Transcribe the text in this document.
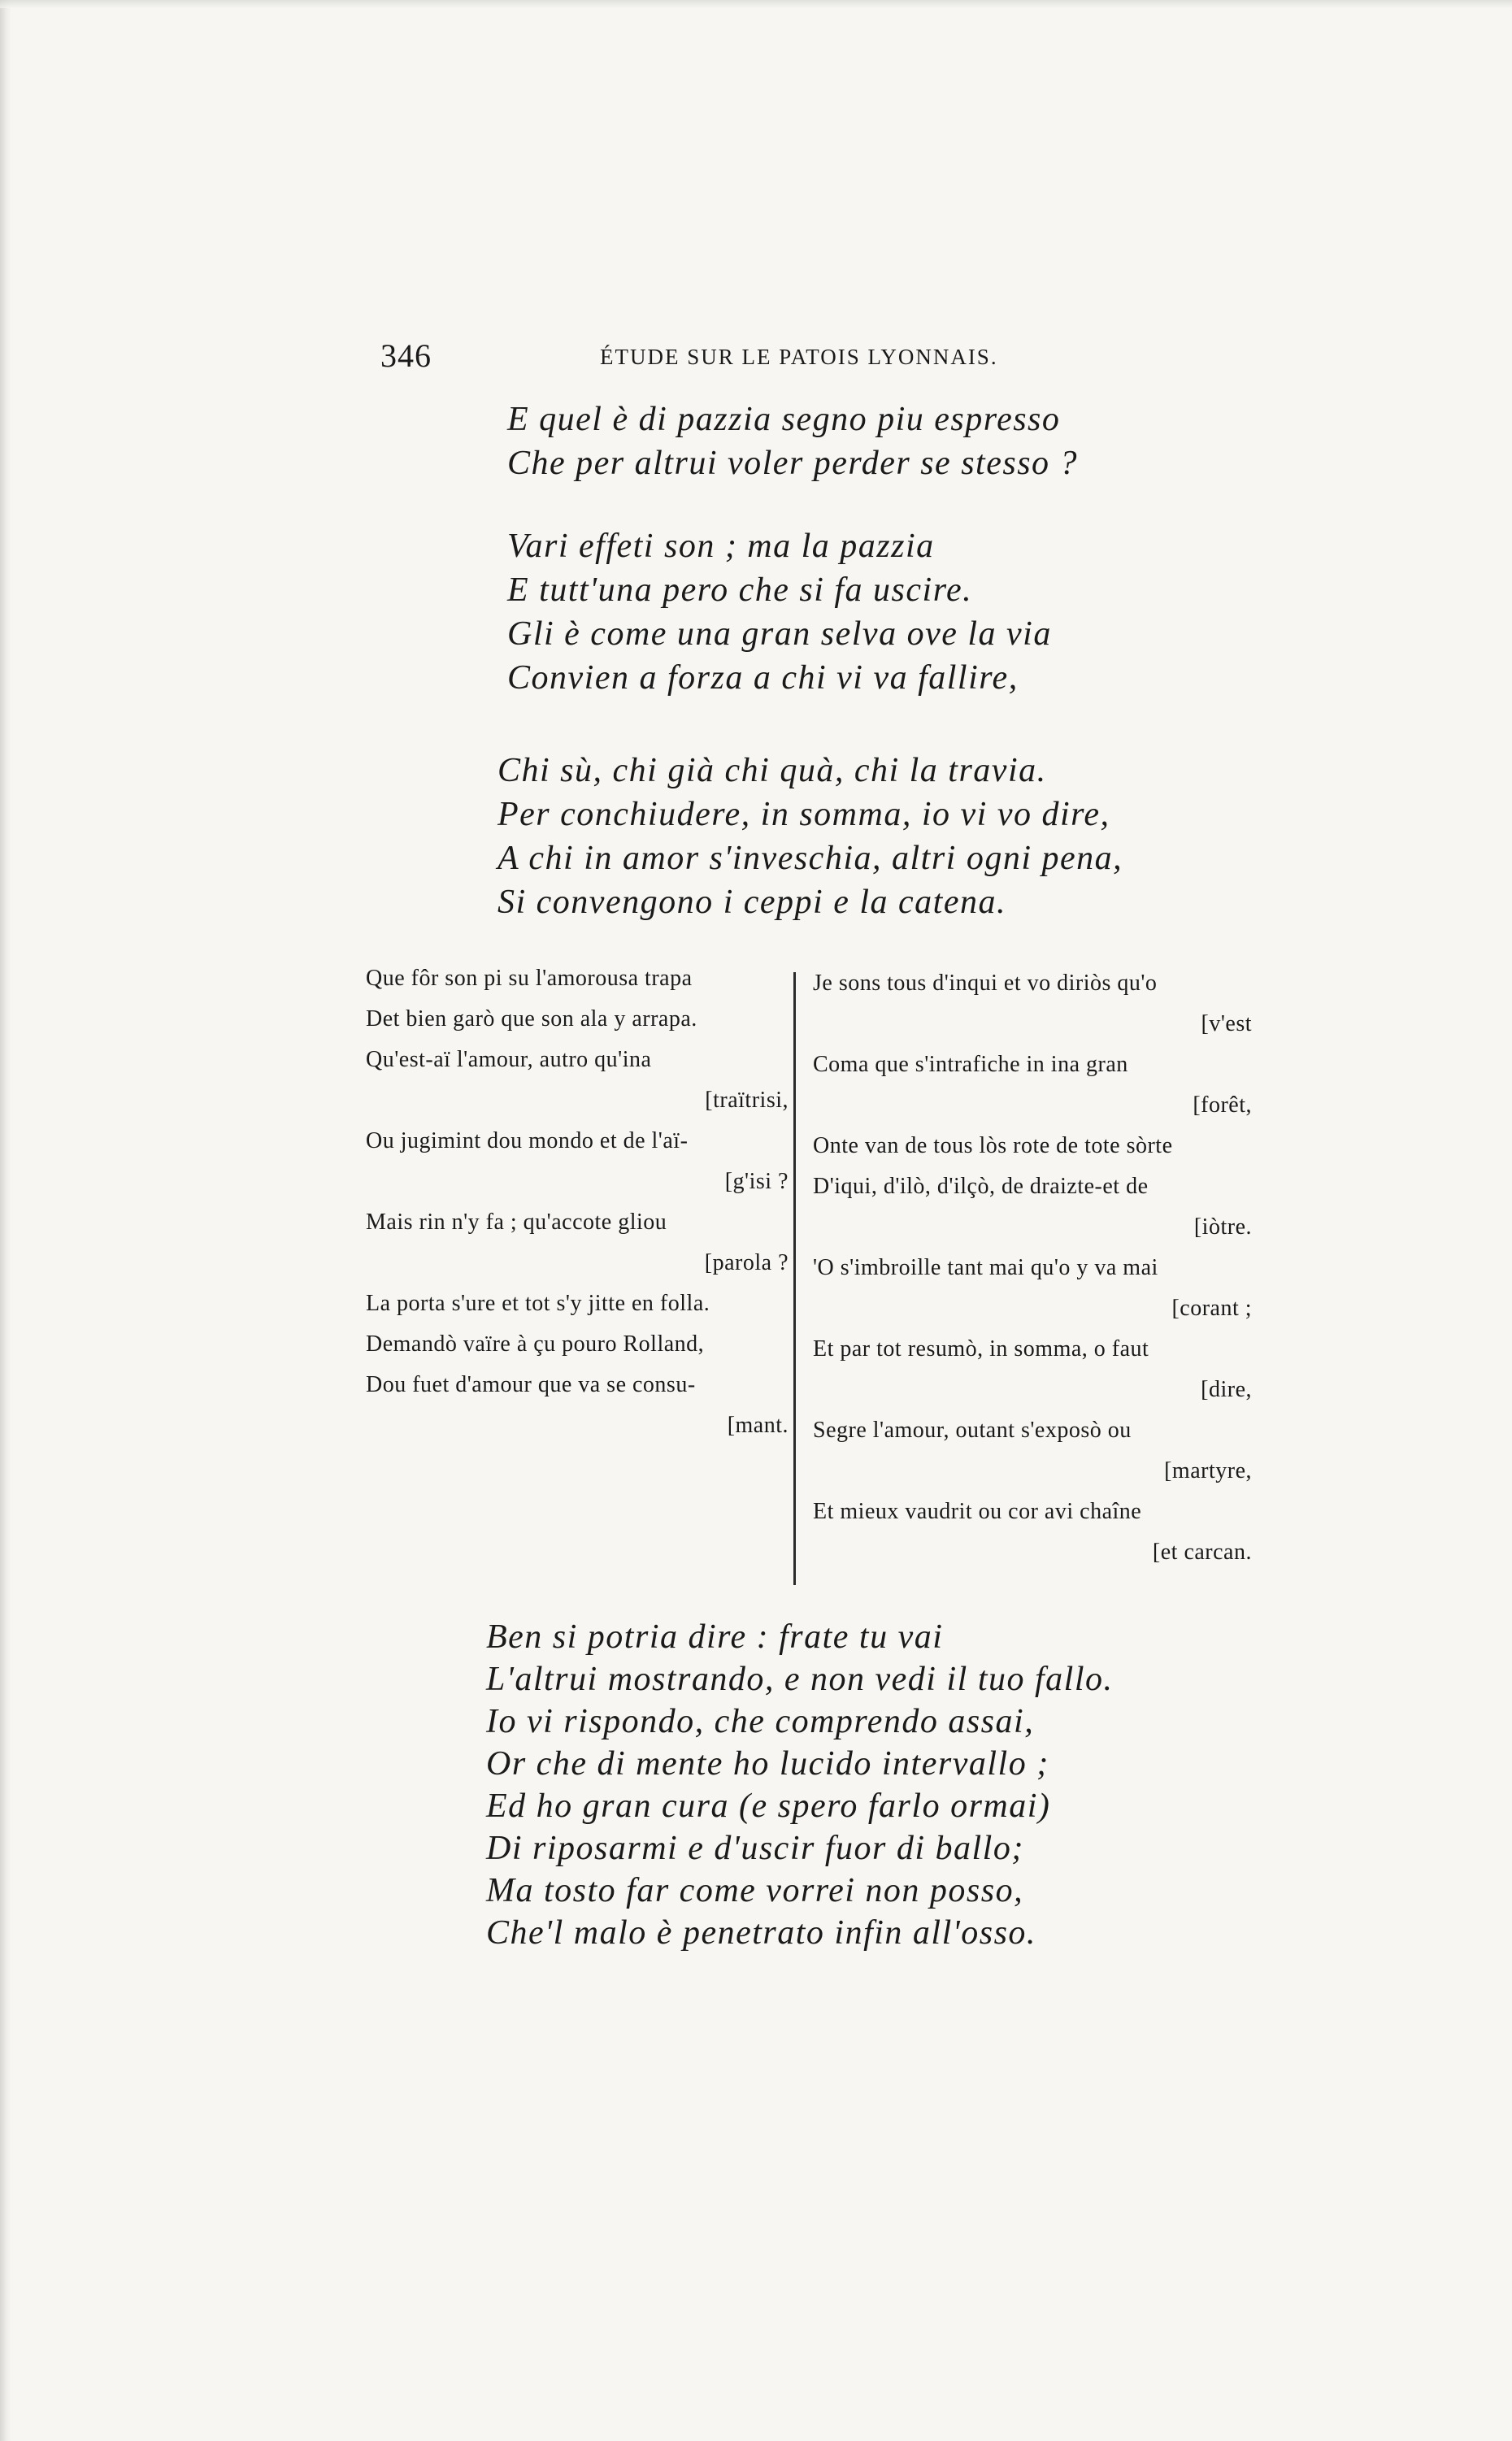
346	ÉTUDE SUR LE PATOIS LYONNAIS.
E quel è di pazzia segno piu espresso
Che per altrui voler perder se stesso ?
Vari effeti son ; ma la pazzia
E tutt'una pero che si fa uscire.
Gli è come una gran selva ove la via
Convien a forza a chi vi va fallire,
Chi sù, chi già chi quà, chi la travia.
Per conchiudere, in somma, io vi vo dire,
A chi in amor s'inveschia, altri ogni pena,
Si convengono i ceppi e la catena.
Que fôr son pi su l'amorousa trapa
Det bien garò que son ala y arrapa.
Qu'est-aï l'amour, autro qu'ina
[traïtrisi,
Ou jugimint dou mondo et de l'aï-
[g'isi ?
Mais rin n'y fa ; qu'accote gliou
[parola ?
La porta s'ure et tot s'y jitte en folla.
Demandò vaïre à çu pouro Rolland,
Dou fuet d'amour que va se consu-
[mant.
Je sons tous d'inqui et vo diriòs qu'o
[v'est
Coma que s'intrafiche in ina gran
[forêt,
Onte van de tous lòs rote de tote sòrte
D'iqui, d'ilò, d'ilçò, de draizte-et de
[iòtre.
'O s'imbroille tant mai qu'o y va mai
[corant ;
Et par tot resumò, in somma, o faut
[dire,
Segre l'amour, outant s'exposò ou
[martyre,
Et mieux vaudrit ou cor avi chaîne
[et carcan.
Ben si potria dire : frate tu vai
L'altrui mostrando, e non vedi il tuo fallo.
Io vi rispondo, che comprendo assai,
Or che di mente ho lucido intervallo ;
Ed ho gran cura (e spero farlo ormai)
Di riposarmi e d'uscir fuor di ballo;
Ma tosto far come vorrei non posso,
Che'l malo è penetrato infin all'osso.
